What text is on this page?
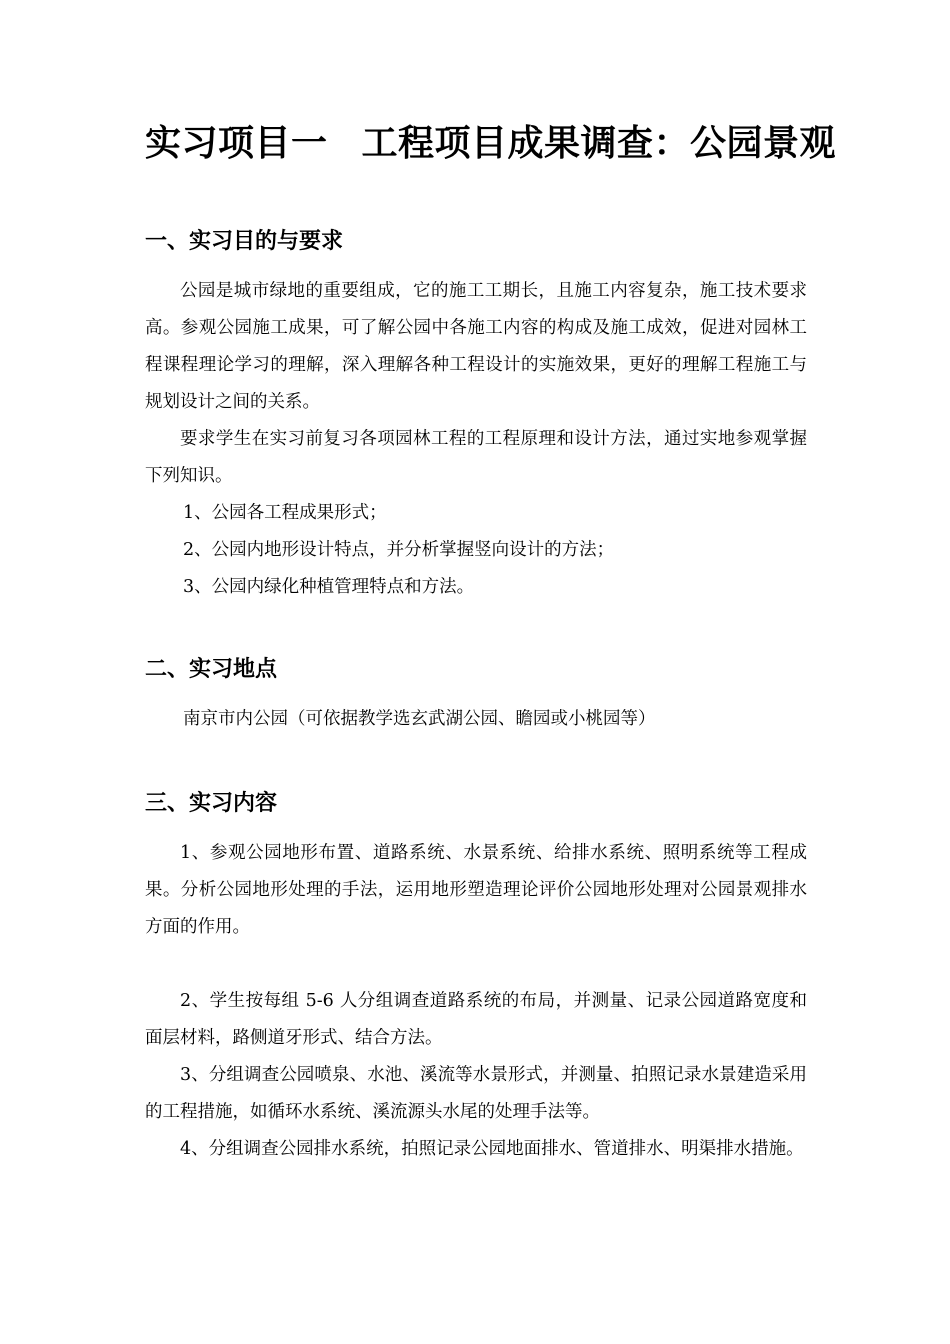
实习项目一 工程项目成果调查：公园景观
一、实习目的与要求
公园是城市绿地的重要组成，它的施工工期长，且施工内容复杂，施工技术要求高。参观公园施工成果，可了解公园中各施工内容的构成及施工成效，促进对园林工程课程理论学习的理解，深入理解各种工程设计的实施效果，更好的理解工程施工与规划设计之间的关系。
要求学生在实习前复习各项园林工程的工程原理和设计方法，通过实地参观掌握下列知识。
1、公园各工程成果形式；
2、公园内地形设计特点，并分析掌握竖向设计的方法；
3、公园内绿化种植管理特点和方法。
二、实习地点
南京市内公园（可依据教学选玄武湖公园、瞻园或小桃园等）
三、实习内容
1、参观公园地形布置、道路系统、水景系统、给排水系统、照明系统等工程成果。分析公园地形处理的手法，运用地形塑造理论评价公园地形处理对公园景观排水方面的作用。
2、学生按每组 5-6 人分组调查道路系统的布局，并测量、记录公园道路宽度和面层材料，路侧道牙形式、结合方法。
3、分组调查公园喷泉、水池、溪流等水景形式，并测量、拍照记录水景建造采用的工程措施，如循环水系统、溪流源头水尾的处理手法等。
4、分组调查公园排水系统，拍照记录公园地面排水、管道排水、明渠排水措施。
